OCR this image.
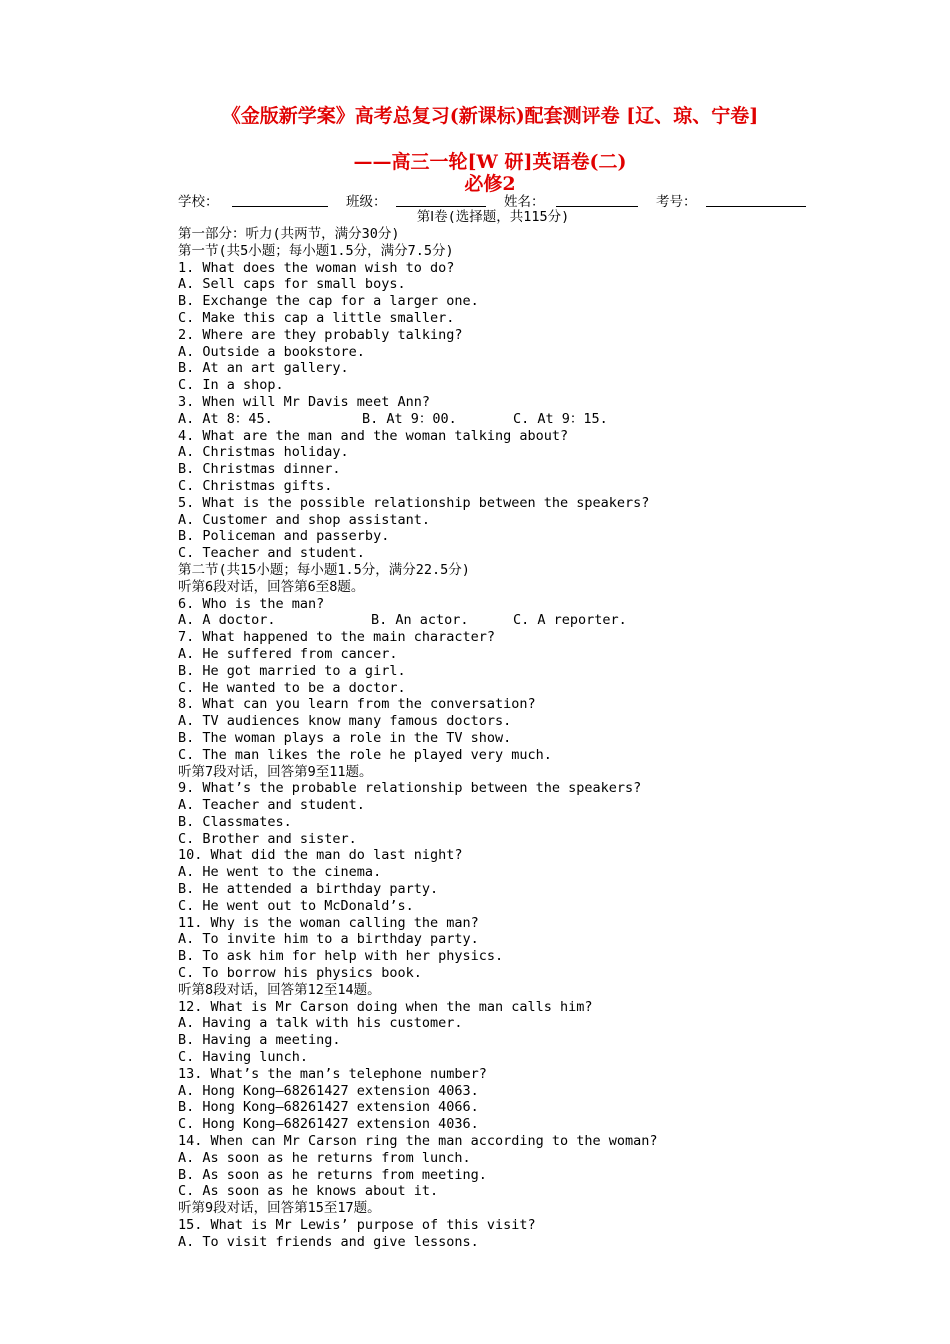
《金版新学案》高考总复习(新课标)配套测评卷 [辽、琼、宁卷]
——高三一轮[W 研]英语卷(二)
必修2
学校：	班级：	姓名：	考号：
第Ⅰ卷(选择题，共115分)
第一部分：听力(共两节，满分30分)
第一节(共5小题；每小题1.5分，满分7.5分)
1. What does the woman wish to do?
A. Sell caps for small boys.
B. Exchange the cap for a larger one.
C. Make this cap a little smaller.
2. Where are they probably talking?
A. Outside a bookstore.
B. At an art gallery.
C. In a shop.
3. When will Mr Davis meet Ann?
A. At 8：45.	B. At 9：00.	C. At 9：15.
4. What are the man and the woman talking about?
A. Christmas holiday.
B. Christmas dinner.
C. Christmas gifts.
5. What is the possible relationship between the speakers?
A. Customer and shop assistant.
B. Policeman and passerby.
C. Teacher and student.
第二节(共15小题；每小题1.5分，满分22.5分)
听第6段对话，回答第6至8题。
6. Who is the man?
A. A doctor.	B. An actor.	C. A reporter.
7. What happened to the main character?
A. He suffered from cancer.
B. He got married to a girl.
C. He wanted to be a doctor.
8. What can you learn from the conversation?
A. TV audiences know many famous doctors.
B. The woman plays a role in the TV show.
C. The man likes the role he played very much.
听第7段对话，回答第9至11题。
9. What’s the probable relationship between the speakers?
A. Teacher and student.
B. Classmates.
C. Brother and sister.
10. What did the man do last night?
A. He went to the cinema.
B. He attended a birthday party.
C. He went out to McDonald’s.
11. Why is the woman calling the man?
A. To invite him to a birthday party.
B. To ask him for help with her physics.
C. To borrow his physics book.
听第8段对话，回答第12至14题。
12. What is Mr Carson doing when the man calls him?
A. Having a talk with his customer.
B. Having a meeting.
C. Having lunch.
13. What’s the man’s telephone number?
A. Hong Kong—68261427 extension 4063.
B. Hong Kong—68261427 extension 4066.
C. Hong Kong—68261427 extension 4036.
14. When can Mr Carson ring the man according to the woman?
A. As soon as he returns from lunch.
B. As soon as he returns from meeting.
C. As soon as he knows about it.
听第9段对话，回答第15至17题。
15. What is Mr Lewis’ purpose of this visit?
A. To visit friends and give lessons.
